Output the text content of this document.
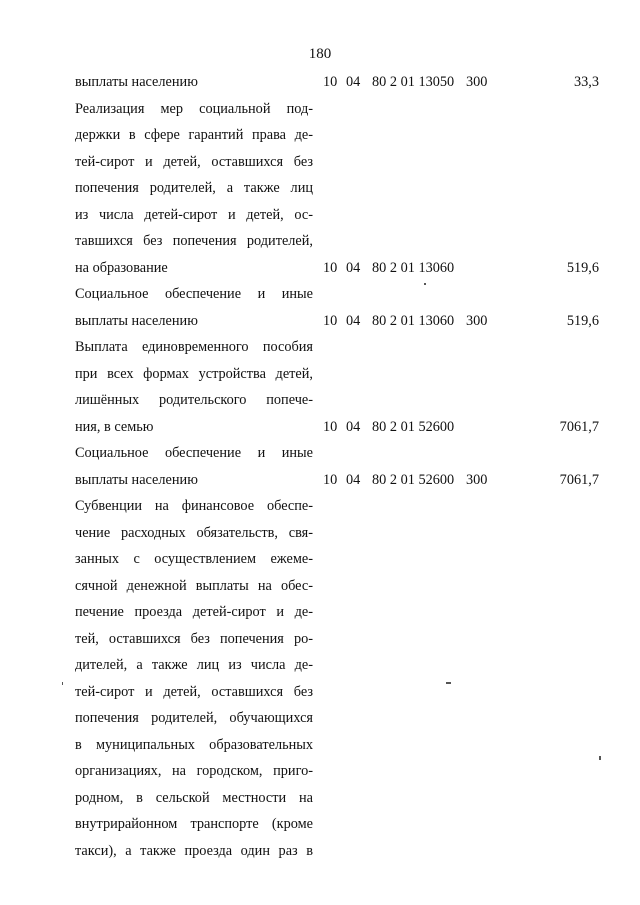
180
выплаты населению	10 04 80 2 01 13050 300	33,3
Реализация мер социальной под-
держки в сфере гарантий права де-
тей-сирот и детей, оставшихся без
попечения родителей, а также лиц
из числа детей-сирот и детей, ос-
тавшихся без попечения родителей,
на образование	10 04 80 2 01 13060	519,6
Социальное обеспечение и иные
выплаты населению	10 04 80 2 01 13060 300	519,6
Выплата единовременного пособия
при всех формах устройства детей,
лишённых родительского попече-
ния, в семью	10 04 80 2 01 52600	7061,7
Социальное обеспечение и иные
выплаты населению	10 04 80 2 01 52600 300	7061,7
Субвенции на финансовое обеспе-
чение расходных обязательств, свя-
занных с осуществлением ежеме-
сячной денежной выплаты на обес-
печение проезда детей-сирот и де-
тей, оставшихся без попечения ро-
дителей, а также лиц из числа де-
тей-сирот и детей, оставшихся без
попечения родителей, обучающихся
в муниципальных образовательных
организациях, на городском, приго-
родном, в сельской местности на
внутрирайонном транспорте (кроме
такси), а также проезда один раз в
